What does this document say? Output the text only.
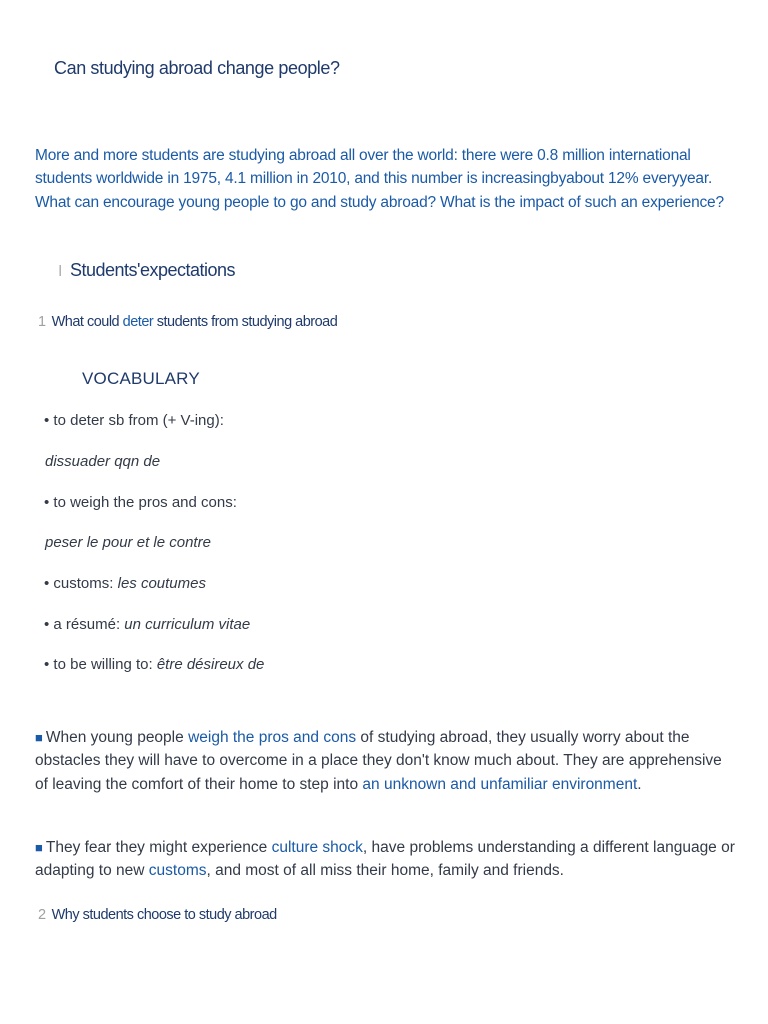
Can studying abroad change people?
More and more students are studying abroad all over the world: there were 0.8 million international students worldwide in 1975, 4.1 million in 2010, and this number is increasingbyabout 12% everyyear. What can encourage young people to go and study abroad? What is the impact of such an experience?
I Students'expectations
1 What could deter students from studying abroad
VOCABULARY
• to deter sb from (+ V-ing):
dissuader qqn de
• to weigh the pros and cons:
peser le pour et le contre
• customs: les coutumes
• a résumé: un curriculum vitae
• to be willing to: être désireux de
■ When young people weigh the pros and cons of studying abroad, they usually worry about the obstacles they will have to overcome in a place they don't know much about. They are apprehensive of leaving the comfort of their home to step into an unknown and unfamiliar environment.
■ They fear they might experience culture shock, have problems understanding a different language or adapting to new customs, and most of all miss their home, family and friends.
2 Why students choose to study abroad
